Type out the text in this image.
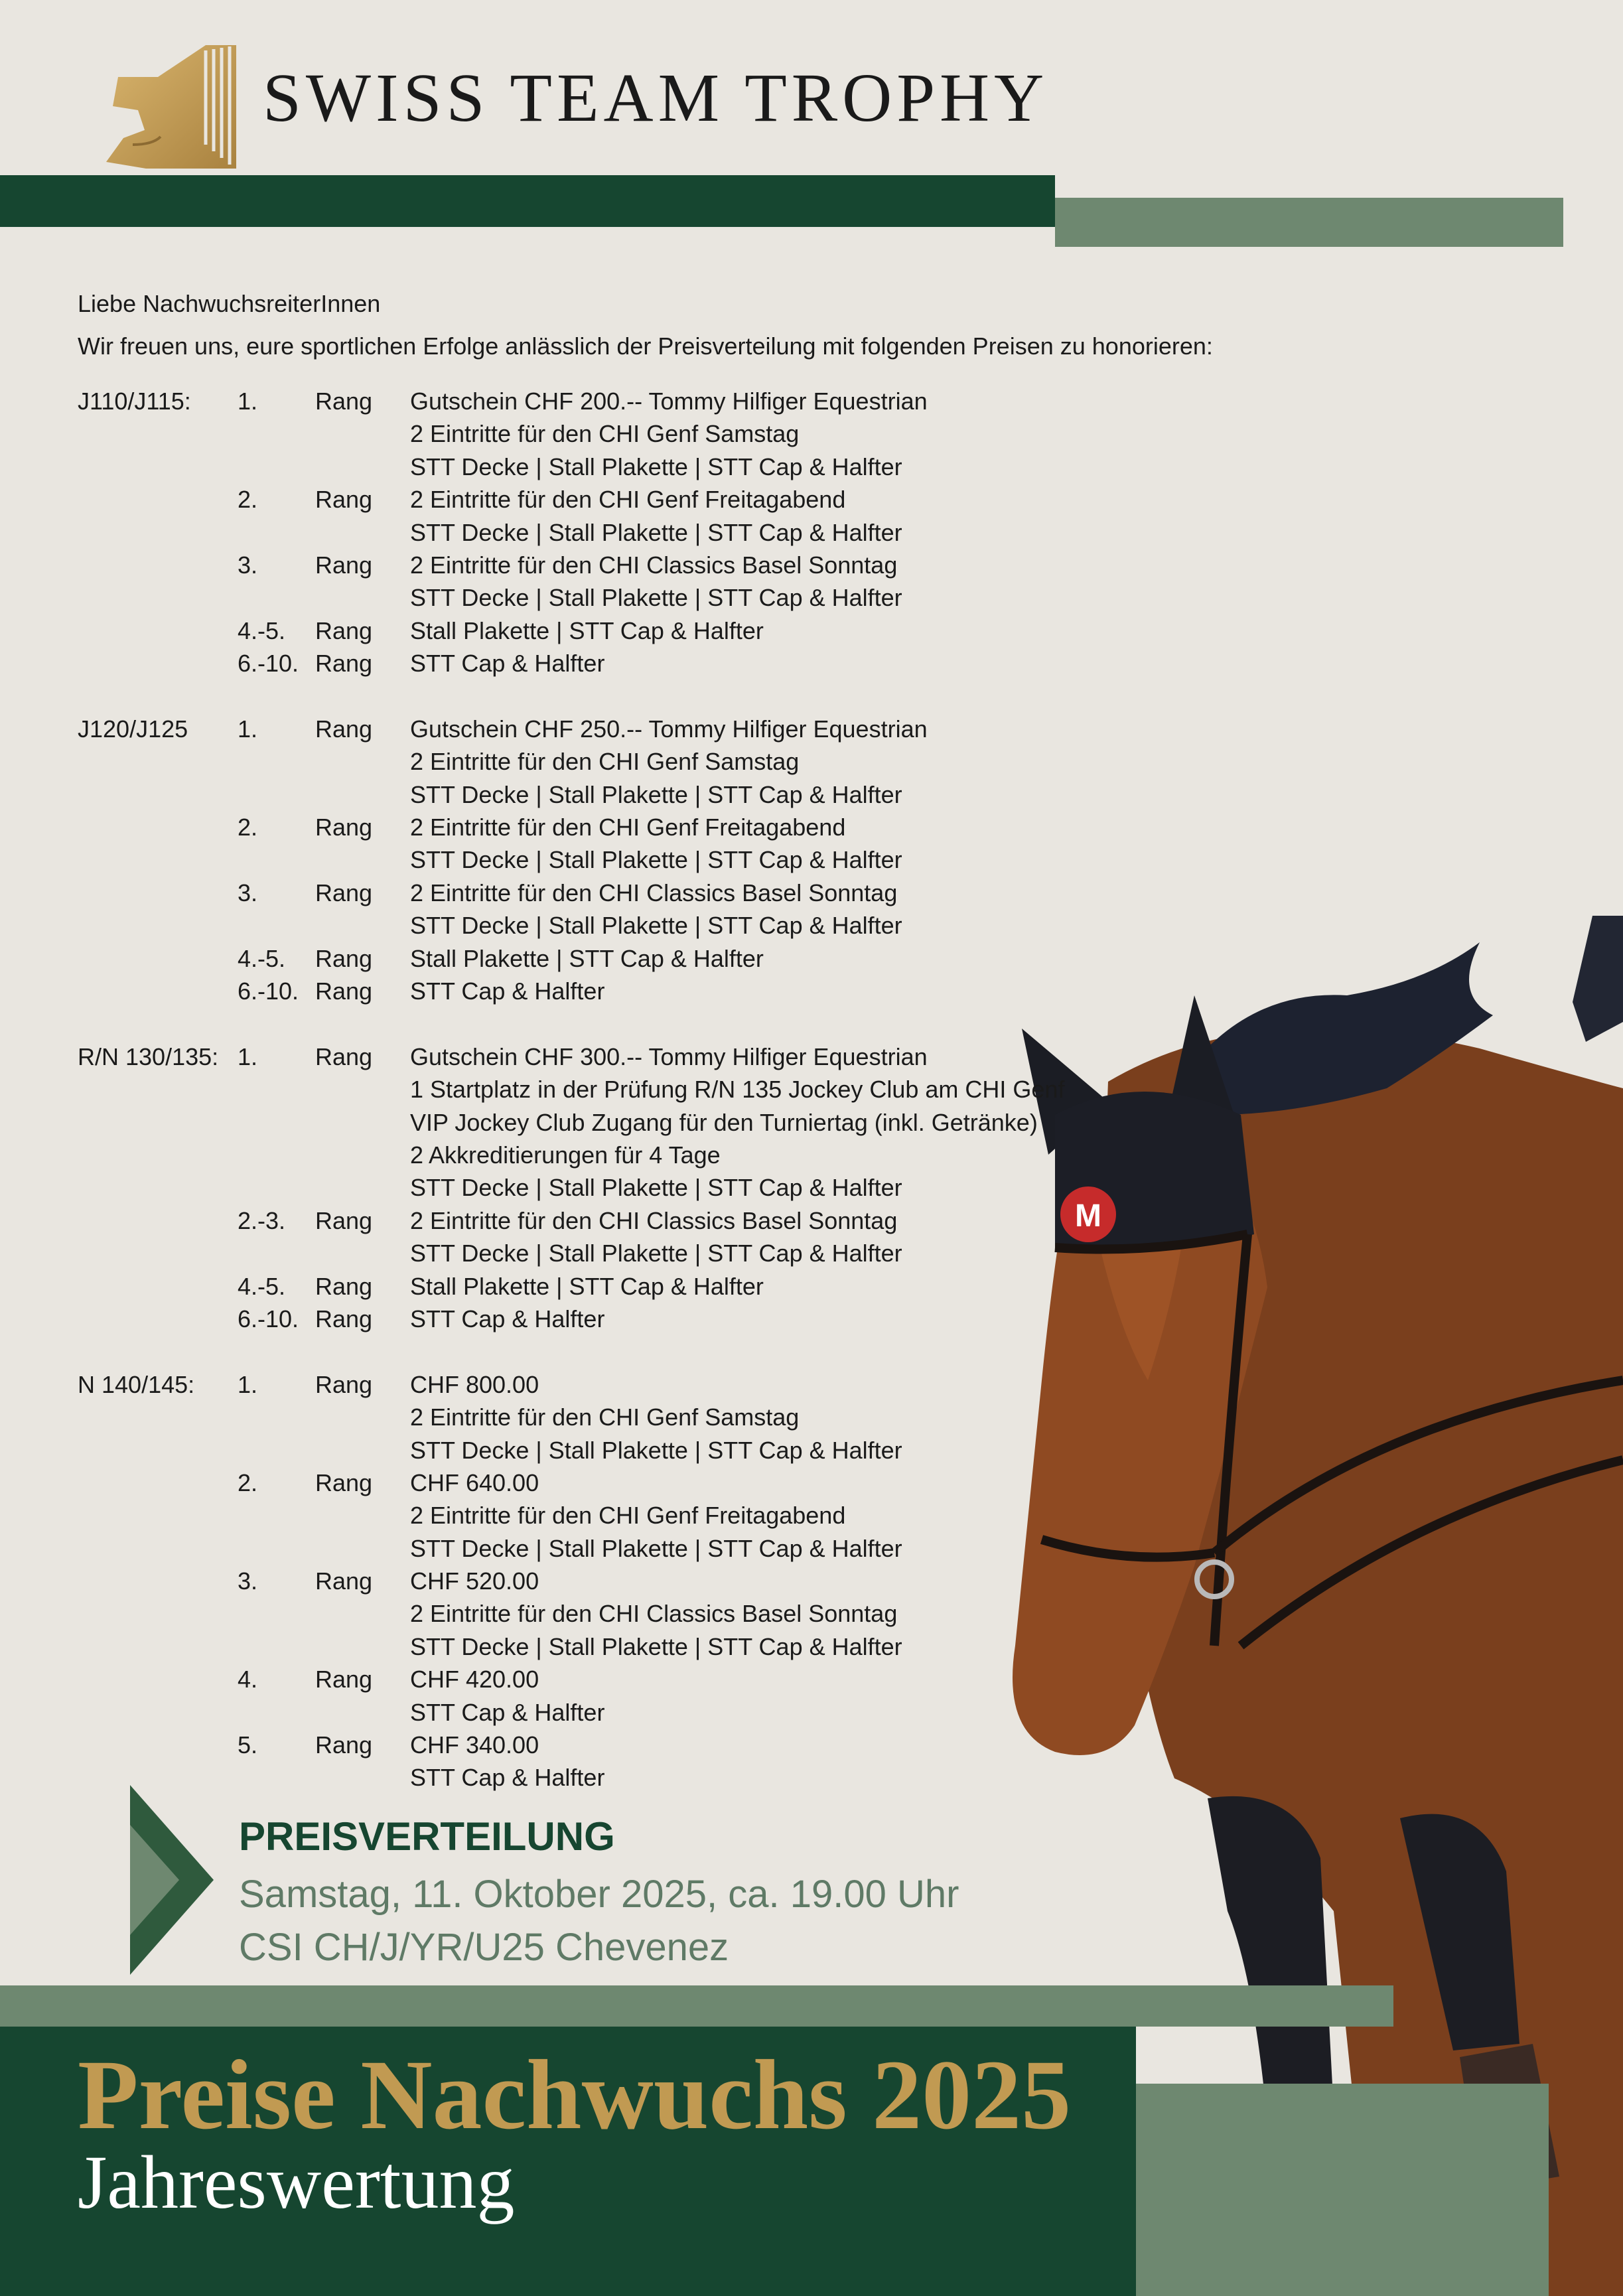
SWISS TEAM TROPHY
Liebe NachwuchsreiterInnen
Wir freuen uns, eure sportlichen Erfolge anlässlich der Preisverteilung mit folgenden Preisen zu honorieren:
M
J110/J115: 1. Rang Gutschein CHF 200.-- Tommy Hilfiger Equestrian
2 Eintritte für den CHI Genf Samstag
STT Decke | Stall Plakette | STT Cap & Halfter
2. Rang 2 Eintritte für den CHI Genf Freitagabend
STT Decke | Stall Plakette | STT Cap & Halfter
3. Rang 2 Eintritte für den CHI Classics Basel Sonntag
STT Decke | Stall Plakette | STT Cap & Halfter
4.-5. Rang Stall Plakette | STT Cap & Halfter
6.-10. Rang STT Cap & Halfter
J120/J125 1. Rang Gutschein CHF 250.-- Tommy Hilfiger Equestrian
2 Eintritte für den CHI Genf Samstag
STT Decke | Stall Plakette | STT Cap & Halfter
2. Rang 2 Eintritte für den CHI Genf Freitagabend
STT Decke | Stall Plakette | STT Cap & Halfter
3. Rang 2 Eintritte für den CHI Classics Basel Sonntag
STT Decke | Stall Plakette | STT Cap & Halfter
4.-5. Rang Stall Plakette | STT Cap & Halfter
6.-10. Rang STT Cap & Halfter
R/N 130/135: 1. Rang Gutschein CHF 300.-- Tommy Hilfiger Equestrian
1 Startplatz in der Prüfung R/N 135 Jockey Club am CHI Genf
VIP Jockey Club Zugang für den Turniertag (inkl. Getränke)
2 Akkreditierungen für 4 Tage
STT Decke | Stall Plakette | STT Cap & Halfter
2.-3. Rang 2 Eintritte für den CHI Classics Basel Sonntag
STT Decke | Stall Plakette | STT Cap & Halfter
4.-5. Rang Stall Plakette | STT Cap & Halfter
6.-10. Rang STT Cap & Halfter
N 140/145: 1. Rang CHF 800.00
2 Eintritte für den CHI Genf Samstag
STT Decke | Stall Plakette | STT Cap & Halfter
2. Rang CHF 640.00
2 Eintritte für den CHI Genf Freitagabend
STT Decke | Stall Plakette | STT Cap & Halfter
3. Rang CHF 520.00
2 Eintritte für den CHI Classics Basel Sonntag
STT Decke | Stall Plakette | STT Cap & Halfter
4. Rang CHF 420.00
STT Cap & Halfter
5. Rang CHF 340.00
STT Cap & Halfter
PREISVERTEILUNG
Samstag, 11. Oktober 2025, ca. 19.00 Uhr
CSI CH/J/YR/U25 Chevenez
Preise Nachwuchs 2025
Jahreswertung
